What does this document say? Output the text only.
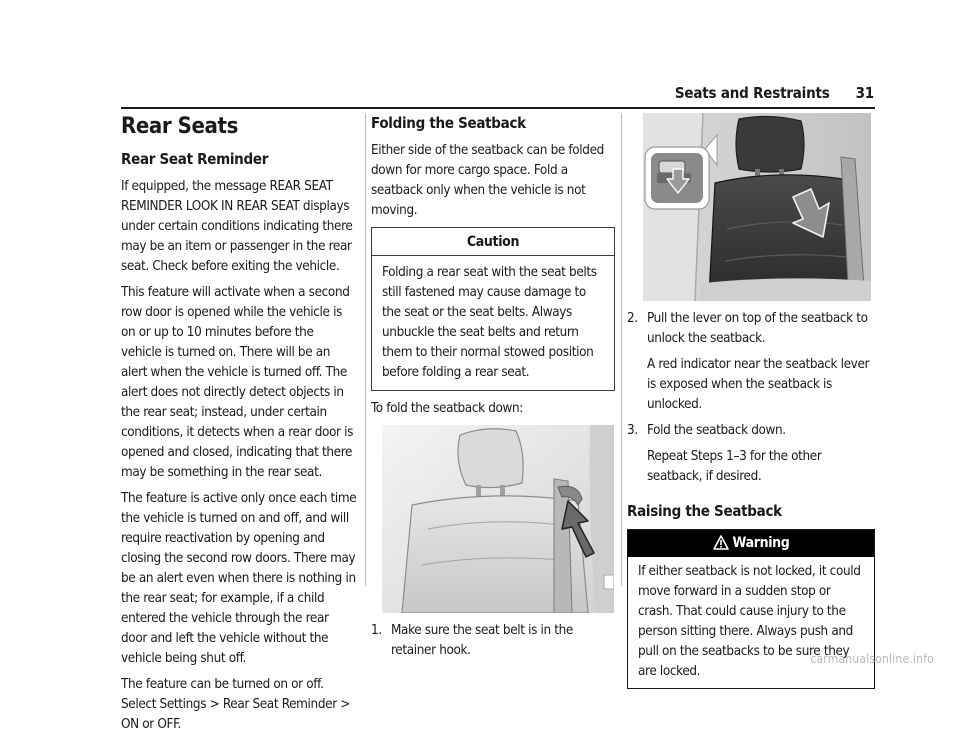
Seats and Restraints 31
Rear Seats
Rear Seat Reminder

If equipped, the message REAR SEAT REMINDER LOOK IN REAR SEAT displays under certain conditions indicating there may be an item or passenger in the rear seat. Check before exiting the vehicle.

This feature will activate when a second row door is opened while the vehicle is on or up to 10 minutes before the vehicle is turned on. There will be an alert when the vehicle is turned off. The alert does not directly detect objects in the rear seat; instead, under certain conditions, it detects when a rear door is opened and closed, indicating that there may be something in the rear seat.

The feature is active only once each time the vehicle is turned on and off, and will require reactivation by opening and closing the second row doors. There may be an alert even when there is nothing in the rear seat; for example, if a child entered the vehicle through the rear door and left the vehicle without the vehicle being shut off.

The feature can be turned on or off. Select Settings > Rear Seat Reminder > ON or OFF.

Folding the Seatback

Either side of the seatback can be folded down for more cargo space. Fold a seatback only when the vehicle is not moving.

Caution
Folding a rear seat with the seat belts still fastened may cause damage to the seat or the seat belts. Always unbuckle the seat belts and return them to their normal stowed position before folding a rear seat.

To fold the seatback down:

1. Make sure the seat belt is in the retainer hook.
2. Pull the lever on top of the seatback to unlock the seatback.
A red indicator near the seatback lever is exposed when the seatback is unlocked.
3. Fold the seatback down.
Repeat Steps 1–3 for the other seatback, if desired.
Raising the Seatback
Warning
If either seatback is not locked, it could move forward in a sudden stop or crash. That could cause injury to the person sitting there. Always push and pull on the seatbacks to be sure they are locked.
carmanualsonline.info
